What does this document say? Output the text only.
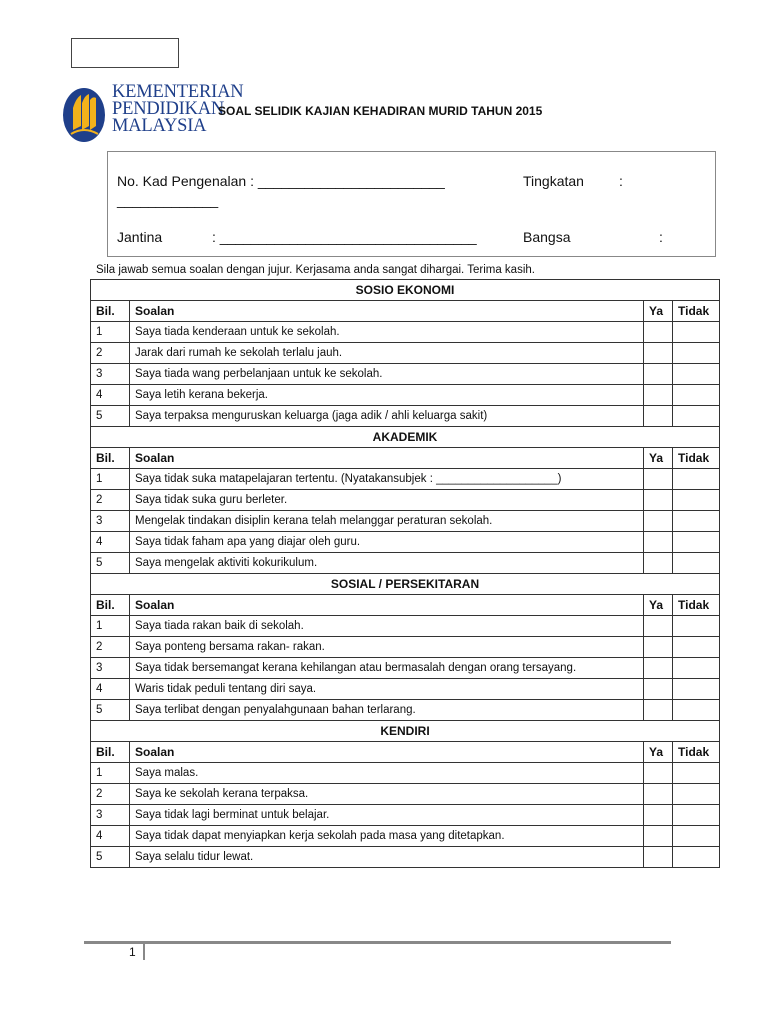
KEMENTERIAN
PENDIDIKAN
MALAYSIA
SOAL SELIDIK KAJIAN KEHADIRAN MURID TAHUN 2015
No. Kad Pengenalan : ________________________	Tingkatan	:
_____________
Jantina	: _________________________________	Bangsa	:
Sila jawab semua soalan dengan jujur. Kerjasama anda sangat dihargai. Terima kasih.
SOSIO EKONOMI			
Bil.	Soalan	Ya	Tidak
1	Saya tiada kenderaan untuk ke sekolah.		
2	Jarak dari rumah ke sekolah terlalu jauh.		
3	Saya tiada wang perbelanjaan untuk ke sekolah.		
4	Saya letih kerana bekerja.		
5	Saya terpaksa menguruskan keluarga (jaga adik / ahli keluarga sakit)		
AKADEMIK			
Bil.	Soalan	Ya	Tidak
1	Saya tidak suka matapelajaran tertentu. (Nyatakansubjek : ___________________)		
2	Saya tidak suka guru berleter.		
3	Mengelak tindakan disiplin kerana telah melanggar peraturan sekolah.		
4	Saya tidak faham apa yang diajar oleh guru.		
5	Saya mengelak aktiviti kokurikulum.		
SOSIAL / PERSEKITARAN			
Bil.	Soalan	Ya	Tidak
1	Saya tiada rakan baik di sekolah.		
2	Saya ponteng bersama rakan- rakan.		
3	Saya tidak bersemangat kerana kehilangan atau bermasalah dengan orang tersayang.		
4	Waris tidak peduli tentang diri saya.		
5	Saya terlibat dengan penyalahgunaan bahan terlarang.		
KENDIRI			
Bil.	Soalan	Ya	Tidak
1	Saya malas.		
2	Saya ke sekolah kerana terpaksa.		
3	Saya tidak lagi berminat untuk belajar.		
4	Saya tidak dapat menyiapkan kerja sekolah pada masa yang ditetapkan.		
5	Saya selalu tidur lewat.		
1
